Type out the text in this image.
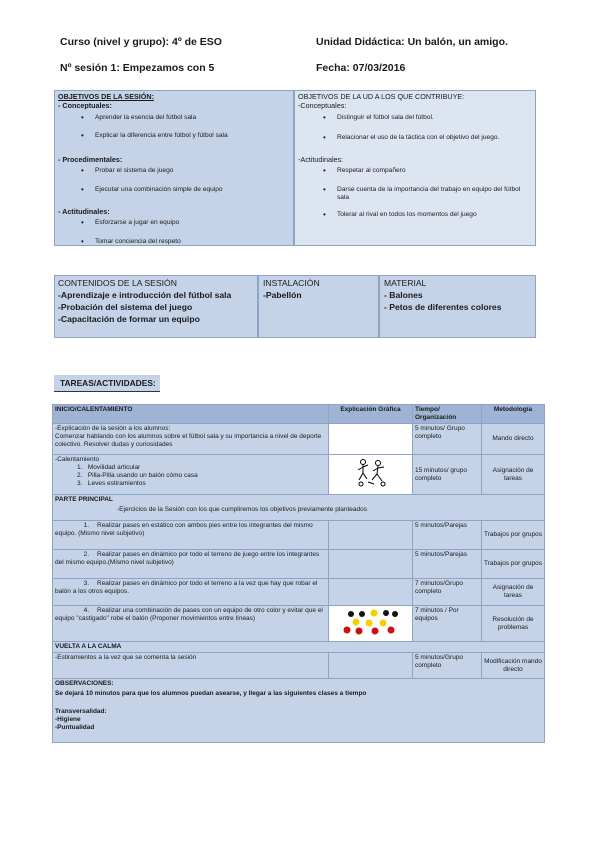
Curso (nivel y grupo): 4º de ESO	Unidad Didáctica: Un balón, un amigo.
Nº sesión 1: Empezamos con 5	Fecha: 07/03/2016
OBJETIVOS DE LA SESIÓN:
- Conceptuales:
• Aprender la esencia del fútbol sala
• Explicar la diferencia entre fútbol y fútbol sala
- Procedimentales:
• Probar el sistema de juego
• Ejecutar una combinación simple de equipo
- Actitudinales:
• Esforzarse a jugar en equipo
• Tomar conciencia del respeto
OBJETIVOS DE LA UD A LOS QUE CONTRIBUYE:
-Conceptuales:
• Distinguir el fútbol sala del fútbol.
• Relacionar el uso de la táctica con el objetivo del juego.
-Actitudinales:
• Respetar al compañero
• Darse cuenta de la importancia del trabajo en equipo del fútbol sala
• Tolerar al rival en todos los momentos del juego
CONTENIDOS DE LA SESIÓN
-Aprendizaje e introducción del fútbol sala
-Probación del sistema del juego
-Capacitación de formar un equipo
INSTALACIÓN
-Pabellón
MATERIAL
- Balones
- Petos de diferentes colores
TAREAS/ACTIVIDADES:
INICIO/CALENTAMIENTO	Explicación Gráfica	Tiempo/ Organización	Metodología
-Explicación de la sesión a los alumnos:
Comenzar hablando con los alumnos sobre el fútbol sala y su importancia a nivel de deporte colectivo. Resolver dudas y curiosidades		5 minutos/ Grupo completo	Mando directo
-Calentamiento
1.   Movilidad articular
2.   Pilla-Pilla usando un balón cómo casa
3.   Leves estiramientos		15 minutos/ grupo completo	Asignación de tareas

PARTE PRINCIPAL
-Ejercicios de la Sesión con los que cumpliremos los objetivos previamente planteados			

1. Realizar pases en estático con ambos pies entre los integrantes del mismo equipo. (Mismo nivel subjetivo)		5 minutos/Parejas	Trabajos por grupos
2. Realizar pases en dinámico por todo el terreno de juego entre los integrantes del mismo equipo.(Mismo nivel subjetivo)		5 minutos/Parejas	Trabajos por grupos
3. Realizar pases en dinámico por todo el terreno a la vez que hay que robar el balón a los otros equipos.		7 minutos/Grupo completo	Asignación de tareas
4. Realizar una combinación de pases con un equipo de otro color y evitar que el equipo "castigado" robe el balón (Proponer movimientos entre líneas)		7 minutos / Por equipos	Resolución de problemas
VUELTA A LA CALMA			
-Estiramientos a la vez que se comenta la sesión		5 minutos/Grupo completo	Modificación mando directo

OBSERVACIONES:
Se dejará 10 minutos para que los alumnos puedan asearse, y llegar a las siguientes clases a tiempo
Transversalidad:
-Higiene
-Puntualidad			
